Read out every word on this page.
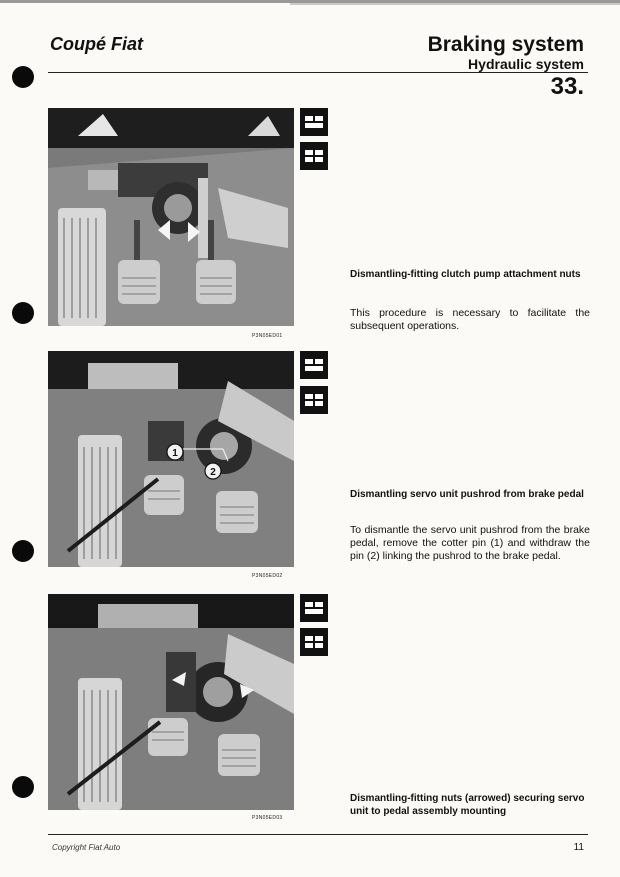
Coupé Fiat	Braking system
Hydraulic system
33.
P3N05ED01
Dismantling-fitting clutch pump attachment nuts
This procedure is necessary to facilitate the subsequent operations.
1
2
P3N05ED02
Dismantling servo unit pushrod from brake pedal
To dismantle the servo unit pushrod from the brake pedal, remove the cotter pin (1) and withdraw the pin (2) linking the pushrod to the brake pedal.
P3N05ED03
Dismantling-fitting nuts (arrowed) securing servo unit to pedal assembly mounting
Copyright Fiat Auto	11
